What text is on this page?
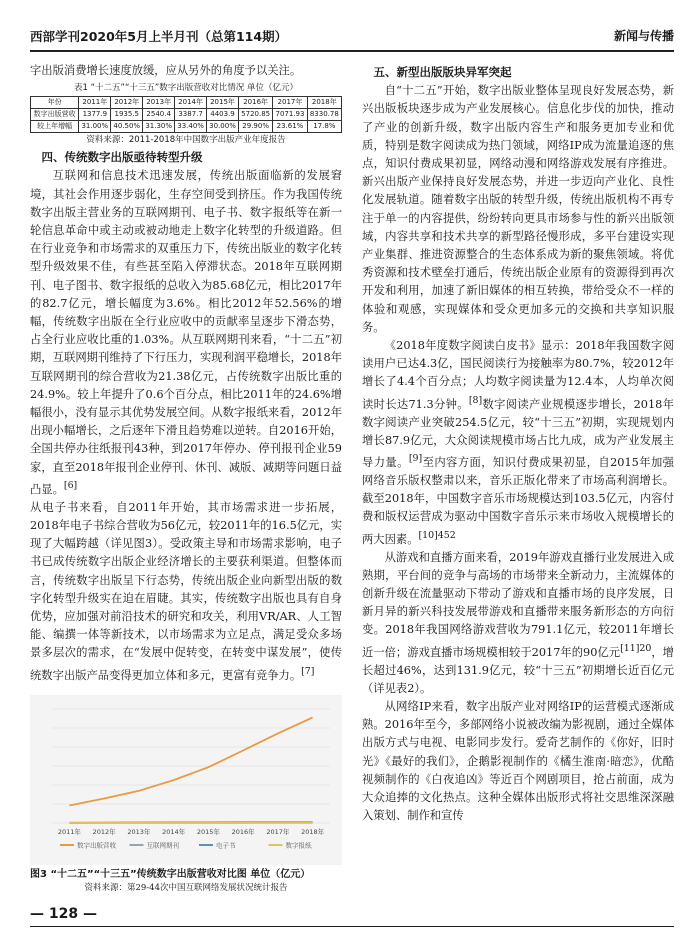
西部学刊2020年5月上半月刊（总第114期）	新闻与传播

字出版消费增长速度放缓，应从另外的角度予以关注。

表1 “十二五”“十三五”数字出版营收对比情况 单位（亿元）
年份	2011年	2012年	2013年	2014年	2015年	2016年	2017年	2018年
数字出版营收	1377.9	1935.5	2540.4	3387.7	4403.9	5720.85	7071.93	8330.78
较上年增幅	31.00%	40.50%	31.30%	33.40%	30.00%	29.90%	23.61%	17.8%
资料来源：2011-2018年中国数字出版产业年度报告
四、传统数字出版亟待转型升级

互联网和信息技术迅速发展，传统出版面临新的发展窘境，其社会作用逐步弱化，生存空间受到挤压。作为我国传统数字出版主营业务的互联网期刊、电子书、数字报纸等在新一轮信息革命中或主动或被动地走上数字化转型的升级道路。但在行业竞争和市场需求的双重压力下，传统出版业的数字化转型升级效果不佳，有些甚至陷入停滞状态。2018年互联网期刊、电子图书、数字报纸的总收入为85.68亿元，相比2017年的82.7亿元，增长幅度为3.6%。相比2012年52.56%的增幅，传统数字出版在全行业应收中的贡献率呈逐步下滑态势，占全行业应收比重的1.03%。从互联网期刊来看，“十二五”初期，互联网期刊维持了下行压力，实现利润平稳增长，2018年互联网期刊的综合营收为21.38亿元，占传统数字出版比重的24.9%。较上年提升了0.6个百分点，相比2011年的24.6%增幅很小，没有显示其优势发展空间。从数字报纸来看，2012年出现小幅增长，之后逐年下滑且趋势难以逆转。自2016开始，全国共停办往纸报刊43种，到2017年停办、停刊报刊企业59家，直至2018年报刊企业停刊、休刊、减版、减期等问题日益凸显。[6]

从电子书来看，自2011年开始，其市场需求进一步拓展，2018年电子书综合营收为56亿元，较2011年的16.5亿元，实现了大幅跨越（详见图3）。受政策主导和市场需求影响，电子书已成传统数字出版企业经济增长的主要获利渠道。但整体而言，传统数字出版呈下行态势，传统出版企业向新型出版的数字化转型升级实在迫在眉睫。其实，传统数字出版也具有自身优势，应加强对前沿技术的研究和攻关，利用VR/AR、人工智能、编撰一体等新技术，以市场需求为立足点，满足受众多场景多层次的需求，在“发展中促转变，在转变中谋发展”，使传统数字出版产品变得更加立体和多元，更富有竞争力。[7]

2011年 2012年 2013年 2014年 2015年 2016年 2017年 2018年
数字出版营收	互联网期刊	电子书	数字报纸
图3 “十二五”“十三五”传统数字出版营收对比图 单位（亿元）
资料来源：第29-44次中国互联网络发展状况统计报告
五、新型出版版块异军突起

自“十二五”开始，数字出版业整体呈现良好发展态势，新兴出版板块逐步成为产业发展核心。信息化步伐的加快，推动了产业的创新升级，数字出版内容生产和服务更加专业和优质，特别是数字阅读成为热门领域，网络IP成为流量追逐的焦点，知识付费成果初显，网络动漫和网络游戏发展有序推进。新兴出版产业保持良好发展态势，并进一步迈向产业化、良性化发展轨道。随着数字出版的转型升级，传统出版机构不再专注于单一的内容提供，纷纷转向更具市场参与性的新兴出版领域，内容共享和技术共享的新型路径慢形成，多平台建设实现产业集群、推进资源整合的生态体系成为新的聚焦领域。将优秀资源和技术壁垒打通后，传统出版企业原有的资源得到再次开发和利用，加速了新旧媒体的相互转换，带给受众不一样的体验和观感，实现媒体和受众更加多元的交换和共享知识服务。

《2018年度数字阅读白皮书》显示：2018年我国数字阅读用户已达4.3亿，国民阅读行为接触率为80.7%，较2012年增长了4.4个百分点；人均数字阅读量为12.4本，人均单次阅读时长达71.3分钟。[8]数字阅读产业规模逐步增长，2018年数字阅读产业突破254.5亿元，较“十三五”初期，实现规划内增长87.9亿元，大众阅读规模市场占比九成，成为产业发展主导力量。[9]至内容方面，知识付费成果初显，自2015年加强网络音乐版权整肃以来，音乐正版化带来了市场高利润增长。截至2018年，中国数字音乐市场规模达到103.5亿元，内容付费和版权运营成为驱动中国数字音乐示来市场收入规模增长的两大因素。$^{[10]452}$

从游戏和直播方面来看，2019年游戏直播行业发展进入成熟期，平台间的竞争与高场的市场带来全新动力，主流媒体的创新升级在流量驱动下带动了游戏和直播市场的良序发展，日新月异的新兴科技发展带游戏和直播带来服务新形态的方向衍变。2018年我国网络游戏营收为791.1亿元，较2011年增长近一倍；游戏直播市场规模相较于2017年的90亿元$^{[11]20}$，增长超过46%，达到131.9亿元，较“十三五”初期增长近百亿元（详见表2）。

从网络IP来看，数字出版产业对网络IP的运营模式逐渐成熟。2016年至今，多部网络小说被改编为影视剧，通过全媒体出版方式与电视、电影同步发行。爱奇艺制作的《你好，旧时光》《最好的我们》，企鹅影视制作的《橘生淮南·暗恋》，优酷视频制作的《白夜追凶》等近百个网剧项目，抢占前面，成为大众追捧的文化热点。这种全媒体出版形式将社交思维深深融入策划、制作和宣传

— 128 —
